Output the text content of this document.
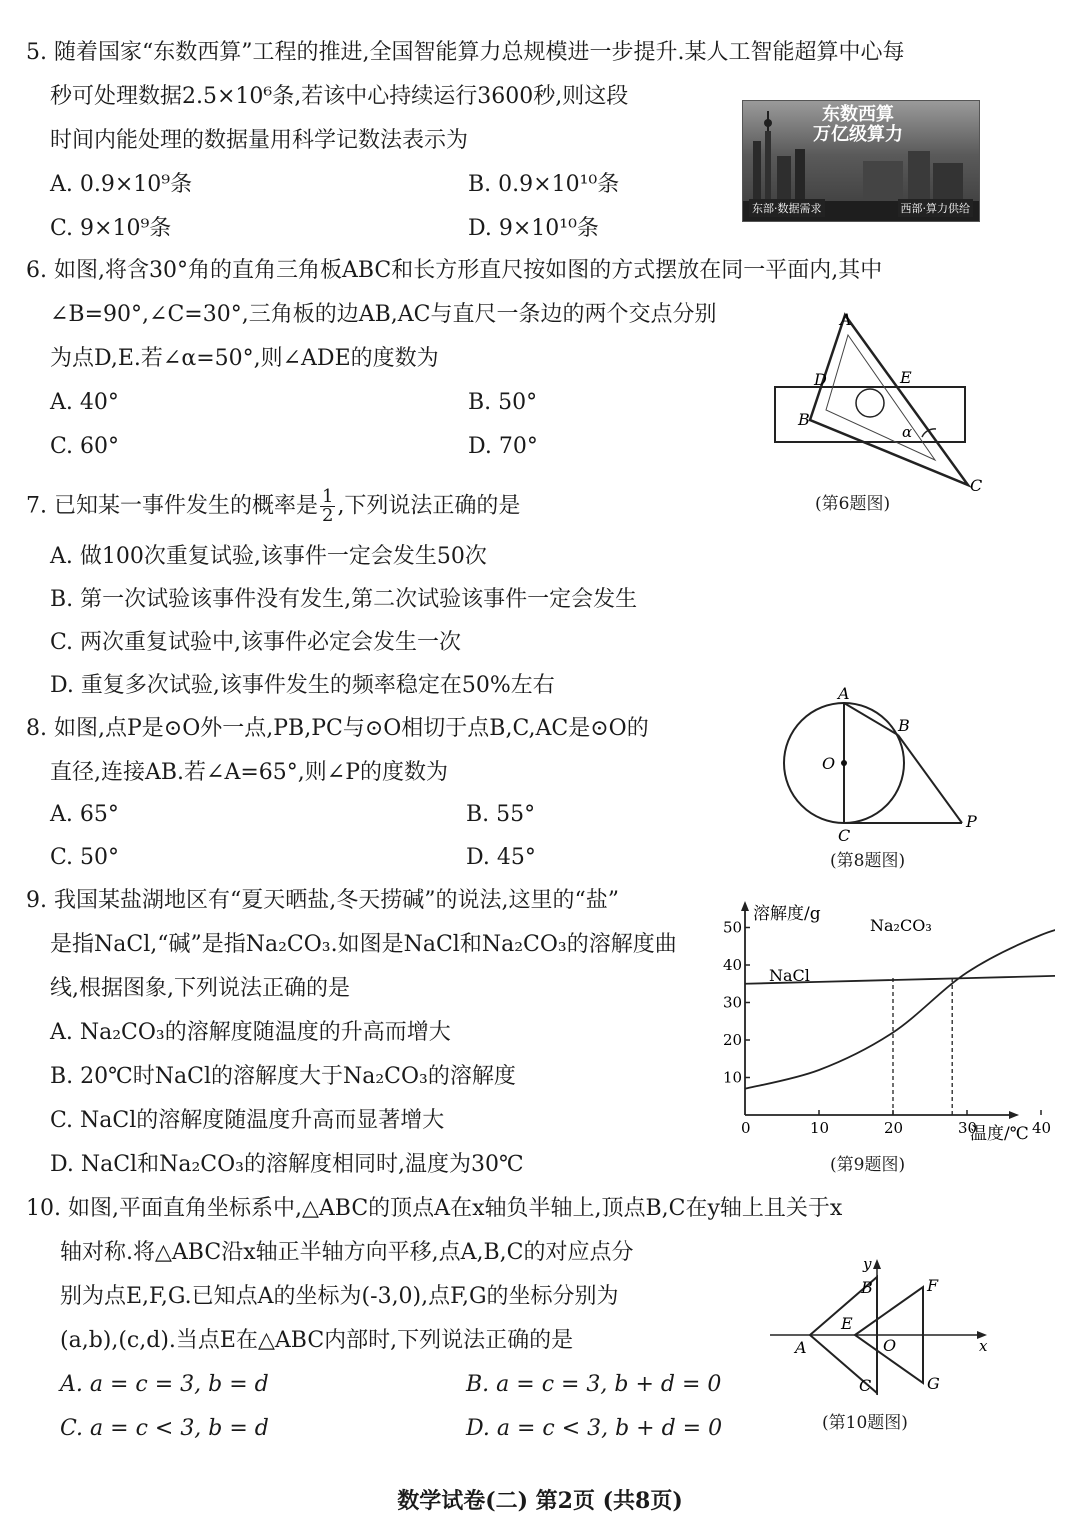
5. 随着国家“东数西算”工程的推进,全国智能算力总规模进一步提升.某人工智能超算中心每
秒可处理数据2.5×10⁶条,若该中心持续运行3600秒,则这段
时间内能处理的数据量用科学记数法表示为
A. 0.9×10⁹条	B. 0.9×10¹⁰条
C. 9×10⁹条	D. 9×10¹⁰条
东数西算
万亿级算力
东部·数据需求	西部·算力供给
6. 如图,将含30°角的直角三角板ABC和长方形直尺按如图的方式摆放在同一平面内,其中
∠B=90°,∠C=30°,三角板的边AB,AC与直尺一条边的两个交点分别
为点D,E.若∠α=50°,则∠ADE的度数为
A. 40°	B. 50°
C. 60°	D. 70°
A
B
C
D	E
α
(第6题图)
7. 已知某一事件发生的概率是 $\frac{1}{2}$ ,下列说法正确的是
A. 做100次重复试验,该事件一定会发生50次
B. 第一次试验该事件没有发生,第二次试验该事件一定会发生
C. 两次重复试验中,该事件必定会发生一次
D. 重复多次试验,该事件发生的频率稳定在50%左右
8. 如图,点P是⊙O外一点,PB,PC与⊙O相切于点B,C,AC是⊙O的
直径,连接AB.若∠A=65°,则∠P的度数为
A. 65°	B. 55°
C. 50°	D. 45°
A
B
C
O
P
(第8题图)
9. 我国某盐湖地区有“夏天晒盐,冬天捞碱”的说法,这里的“盐”
是指NaCl,“碱”是指Na₂CO₃.如图是NaCl和Na₂CO₃的溶解度曲
线,根据图象,下列说法正确的是
A. Na₂CO₃的溶解度随温度的升高而增大
B. 20℃时NaCl的溶解度大于Na₂CO₃的溶解度
C. NaCl的溶解度随温度升高而显著增大
D. NaCl和Na₂CO₃的溶解度相同时,温度为30℃
溶解度/g
温度/℃
10
20
30
40
50
0	10	20	30	40
NaCl
Na₂CO₃
(第9题图)
10. 如图,平面直角坐标系中,△ABC的顶点A在x轴负半轴上,顶点B,C在y轴上且关于x
轴对称.将△ABC沿x轴正半轴方向平移,点A,B,C的对应点分
别为点E,F,G.已知点A的坐标为(-3,0),点F,G的坐标分别为
(a,b),(c,d).当点E在△ABC内部时,下列说法正确的是
A. a = c = 3, b = d	B. a = c = 3, b + d = 0
C. a = c < 3, b = d	D. a = c < 3, b + d = 0
A
B
C
E
F
G
O	x
y
(第10题图)
数学试卷(二) 第2页 (共8页)
